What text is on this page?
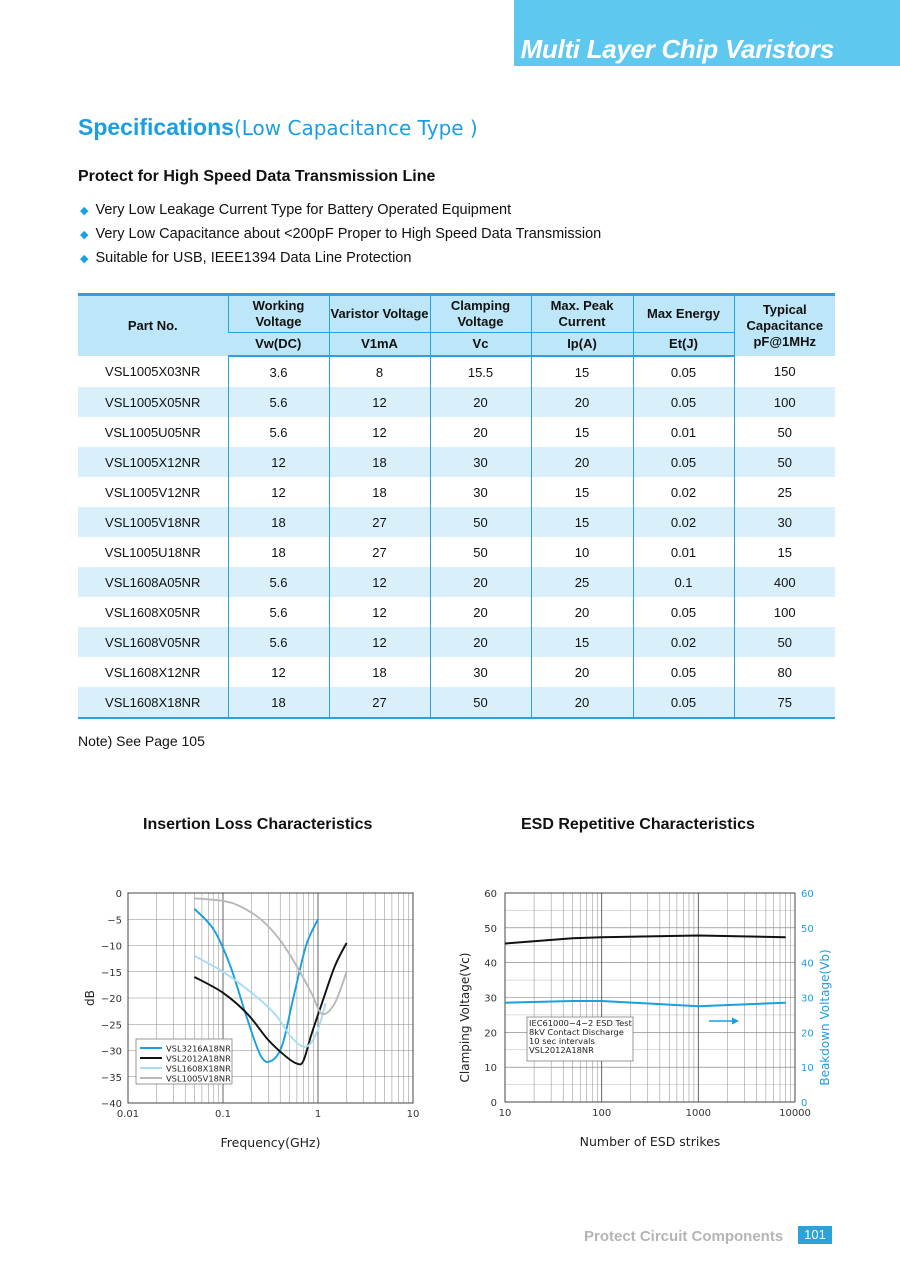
Multi Layer Chip Varistors
Specifications(Low Capacitance Type )
Protect for High Speed Data Transmission Line
◆ Very Low Leakage Current Type for Battery Operated Equipment
◆ Very Low Capacitance about <200pF Proper to High Speed Data Transmission
◆ Suitable for USB, IEEE1394 Data Line Protection
Part No.	Working Voltage	Varistor Voltage	Clamping Voltage	Max. Peak Current	Max Energy	Typical Capacitance
pF@1MHz
	Vw(DC)	V1mA	Vc	Ip(A)	Et(J)	
VSL1005X03NR	3.6	8	15.5	15	0.05	150
VSL1005X05NR	5.6	12	20	20	0.05	100
VSL1005U05NR	5.6	12	20	15	0.01	50
VSL1005X12NR	12	18	30	20	0.05	50
VSL1005V12NR	12	18	30	15	0.02	25
VSL1005V18NR	18	27	50	15	0.02	30
VSL1005U18NR	18	27	50	10	0.01	15
VSL1608A05NR	5.6	12	20	25	0.1	400
VSL1608X05NR	5.6	12	20	20	0.05	100
VSL1608V05NR	5.6	12	20	15	0.02	50
VSL1608X12NR	12	18	30	20	0.05	80
VSL1608X18NR	18	27	50	20	0.05	75
Note) See Page 105
Insertion Loss Characteristics	ESD Repetitive Characteristics
0
−5
−10
−15
−20
−25
−30
−35
−40
0.01	0.1	1	10
Frequency(GHz)
dB
VSL3216A18NR
VSL2012A18NR
VSL1608X18NR
VSL1005V18NR
0	0
10	10
20	20
30	30
40	40
50	50
60	60
10	100	1000	10000
Number of ESD strikes
Clamping Voltage(Vc)	Beakdown Voltage(Vb)
IEC61000−4−2 ESD Test
8kV Contact Discharge
10 sec intervals
VSL2012A18NR
Protect Circuit Components	101
